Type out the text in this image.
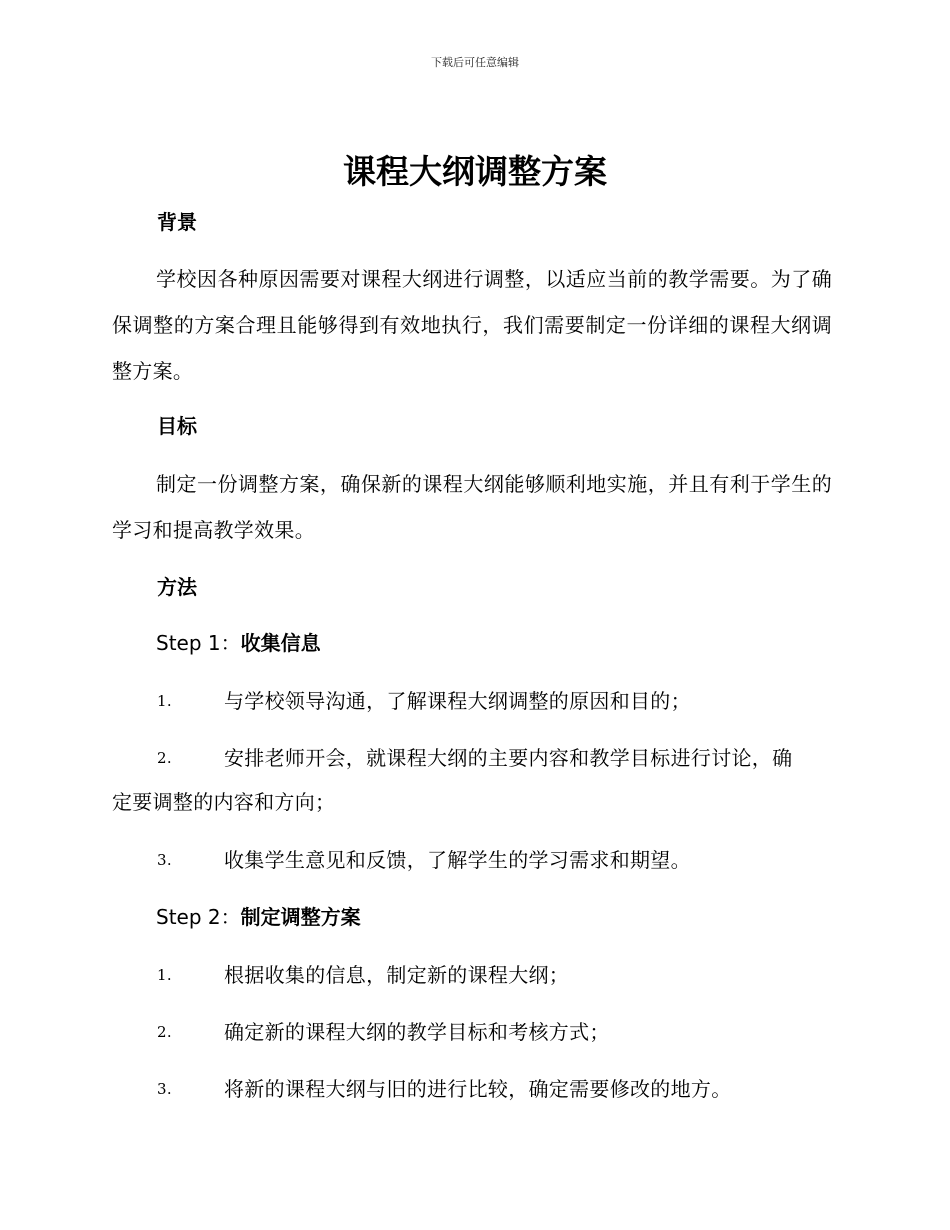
下载后可任意编辑
课程大纲调整方案
背景
学校因各种原因需要对课程大纲进行调整，以适应当前的教学需要。为了确保调整的方案合理且能够得到有效地执行，我们需要制定一份详细的课程大纲调整方案。
目标
制定一份调整方案，确保新的课程大纲能够顺利地实施，并且有利于学生的学习和提高教学效果。
方法
Step 1：收集信息
1.	与学校领导沟通，了解课程大纲调整的原因和目的；
2.	安排老师开会，就课程大纲的主要内容和教学目标进行讨论，确
定要调整的内容和方向；
3.	收集学生意见和反馈，了解学生的学习需求和期望。
Step 2：制定调整方案
1.	根据收集的信息，制定新的课程大纲；
2.	确定新的课程大纲的教学目标和考核方式；
3.	将新的课程大纲与旧的进行比较，确定需要修改的地方。
